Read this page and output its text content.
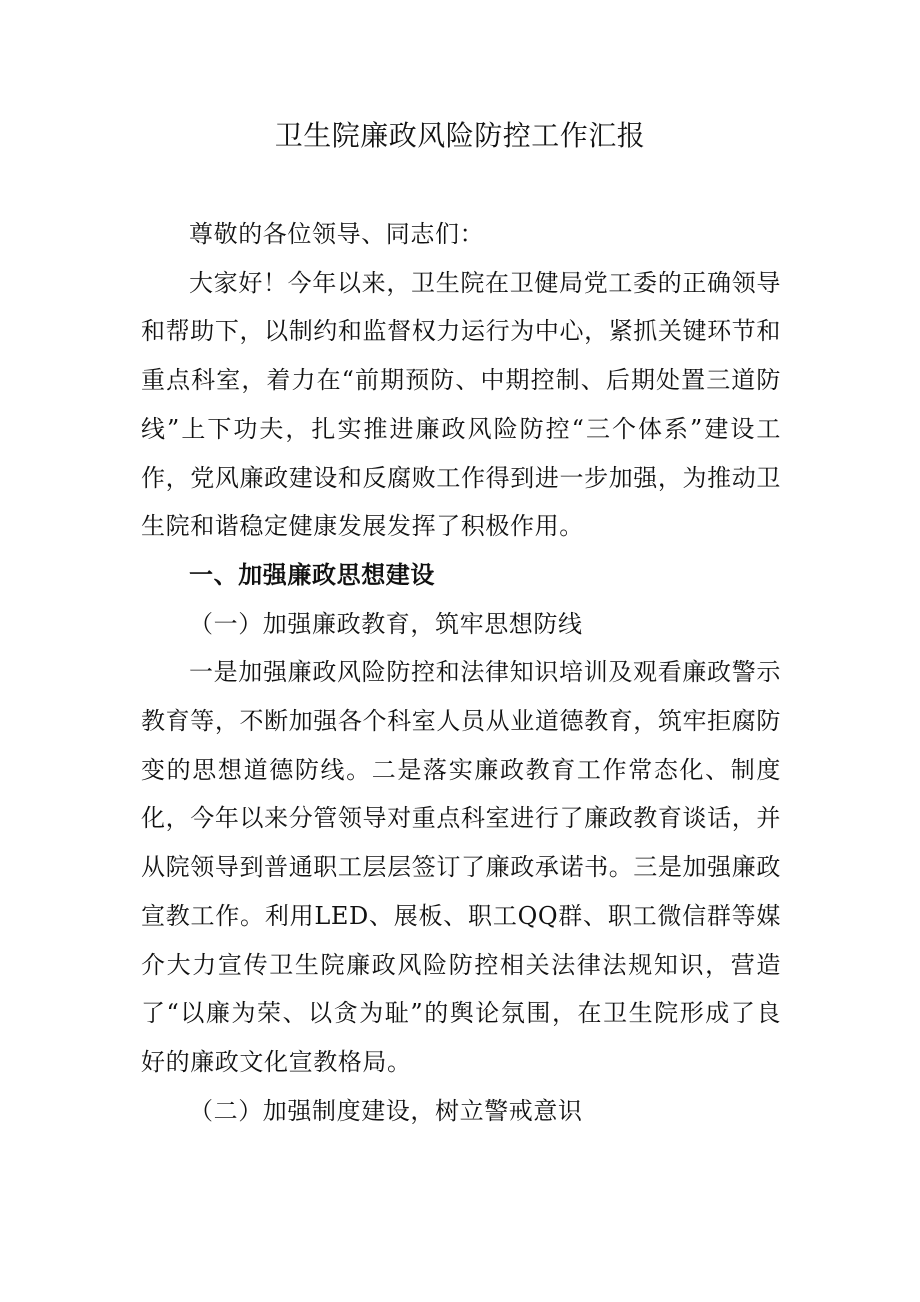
卫生院廉政风险防控工作汇报

尊敬的各位领导、同志们：

大家好！今年以来，卫生院在卫健局党工委的正确领导和帮助下，以制约和监督权力运行为中心，紧抓关键环节和重点科室，着力在“前期预防、中期控制、后期处置三道防线”上下功夫，扎实推进廉政风险防控“三个体系”建设工作，党风廉政建设和反腐败工作得到进一步加强，为推动卫生院和谐稳定健康发展发挥了积极作用。

一、加强廉政思想建设

（一）加强廉政教育，筑牢思想防线

一是加强廉政风险防控和法律知识培训及观看廉政警示教育等，不断加强各个科室人员从业道德教育，筑牢拒腐防变的思想道德防线。二是落实廉政教育工作常态化、制度化，今年以来分管领导对重点科室进行了廉政教育谈话，并从院领导到普通职工层层签订了廉政承诺书。三是加强廉政宣教工作。利用LED、展板、职工QQ群、职工微信群等媒介大力宣传卫生院廉政风险防控相关法律法规知识，营造了“以廉为荣、以贪为耻”的舆论氛围，在卫生院形成了良好的廉政文化宣教格局。

（二）加强制度建设，树立警戒意识
